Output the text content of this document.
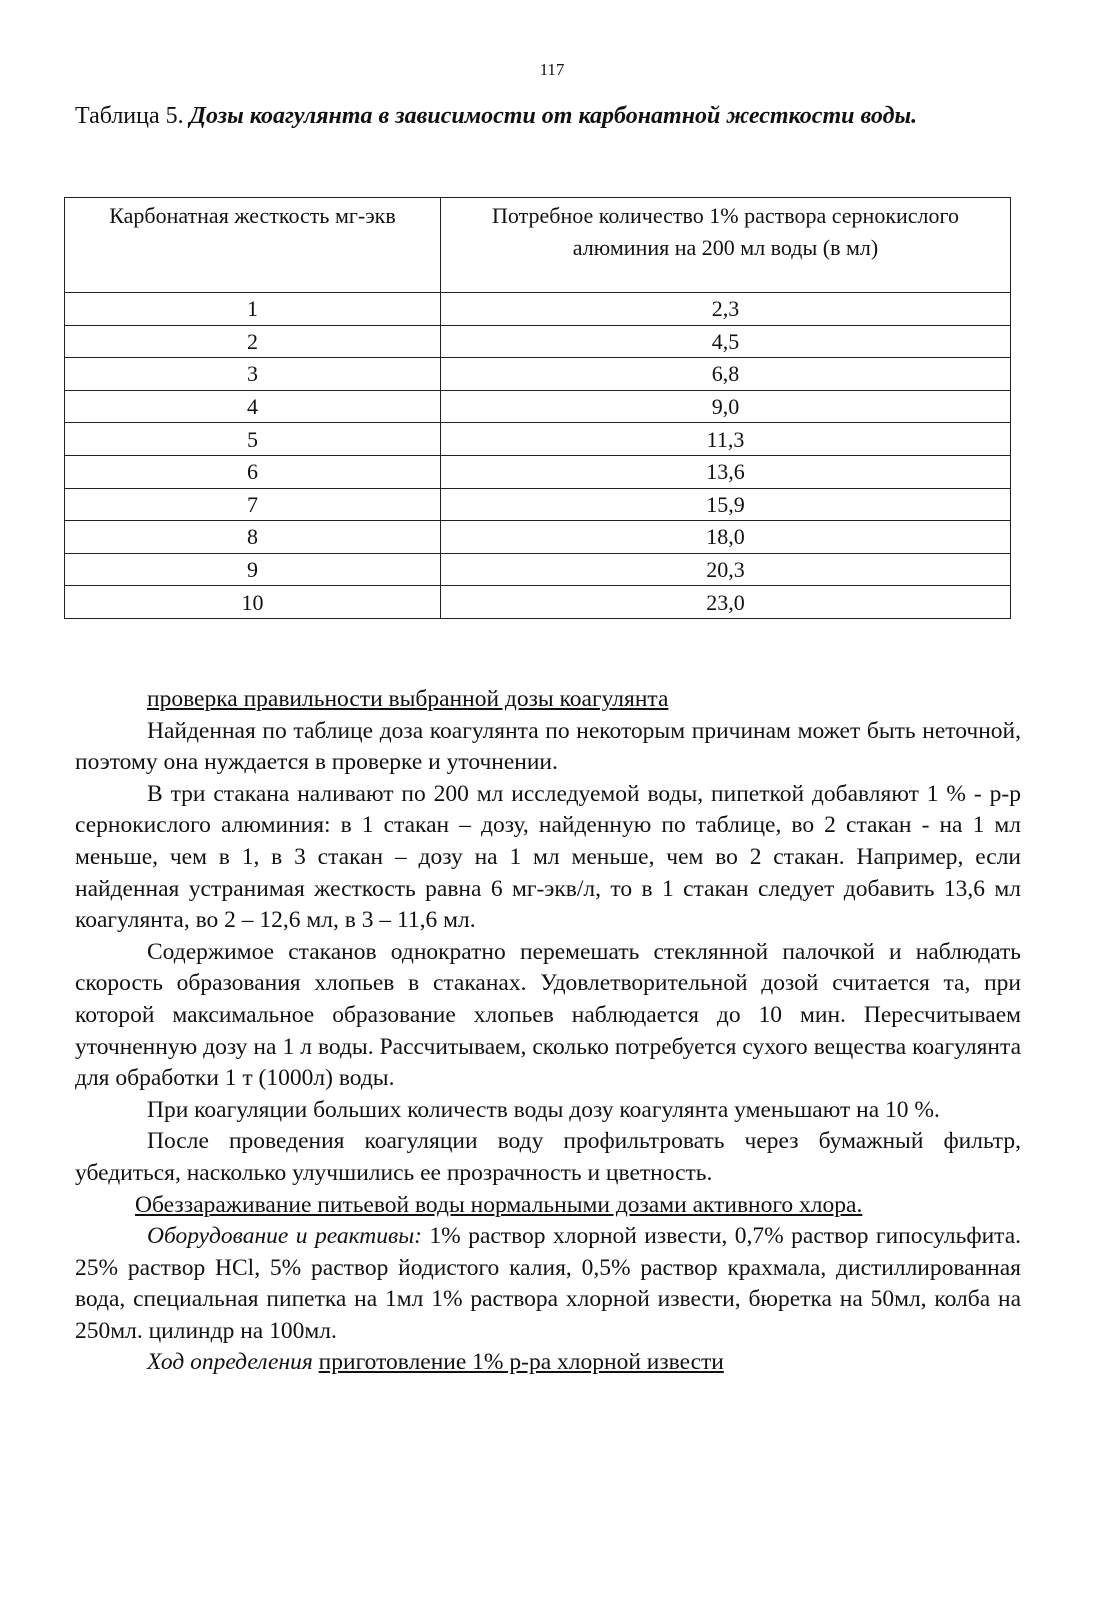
117
Таблица 5. Дозы коагулянта в зависимости от карбонатной жесткости воды.
Карбонатная жесткость мг-экв	Потребное количество 1% раствора сернокислого алюминия на 200 мл воды (в мл)
1	2,3
2	4,5
3	6,8
4	9,0
5	11,3
6	13,6
7	15,9
8	18,0
9	20,3
10	23,0

проверка правильности выбранной дозы коагулянта

Найденная по таблице доза коагулянта по некоторым причинам может быть неточной, поэтому она нуждается в проверке и уточнении.

В три стакана наливают по 200 мл исследуемой воды, пипеткой добавляют 1 % - р-р сернокислого алюминия: в 1 стакан – дозу, найденную по таблице, во 2 стакан - на 1 мл меньше, чем в 1, в 3 стакан – дозу на 1 мл меньше, чем во 2 стакан. Например, если найденная устранимая жесткость равна 6 мг-экв/л, то в 1 стакан следует добавить 13,6 мл коагулянта, во 2 – 12,6 мл, в 3 – 11,6 мл.

Содержимое стаканов однократно перемешать стеклянной палочкой и наблюдать скорость образования хлопьев в стаканах. Удовлетворительной дозой считается та, при которой максимальное образование хлопьев наблюдается до 10 мин. Пересчитываем уточненную дозу на 1 л воды. Рассчитываем, сколько потребуется сухого вещества коагулянта для обработки 1 т (1000л) воды.

При коагуляции больших количеств воды дозу коагулянта уменьшают на 10 %.

После проведения коагуляции воду профильтровать через бумажный фильтр, убедиться, насколько улучшились ее прозрачность и цветность.

Обеззараживание питьевой воды нормальными дозами активного хлора.

Оборудование и реактивы: 1% раствор хлорной извести, 0,7% раствор гипосульфита. 25% раствор HCl, 5% раствор йодистого калия, 0,5% раствор крахмала, дистиллированная вода, специальная пипетка на 1мл 1% раствора хлорной извести, бюретка на 50мл, колба на 250мл. цилиндр на 100мл.

Ход определения приготовление 1% р-ра хлорной извести
